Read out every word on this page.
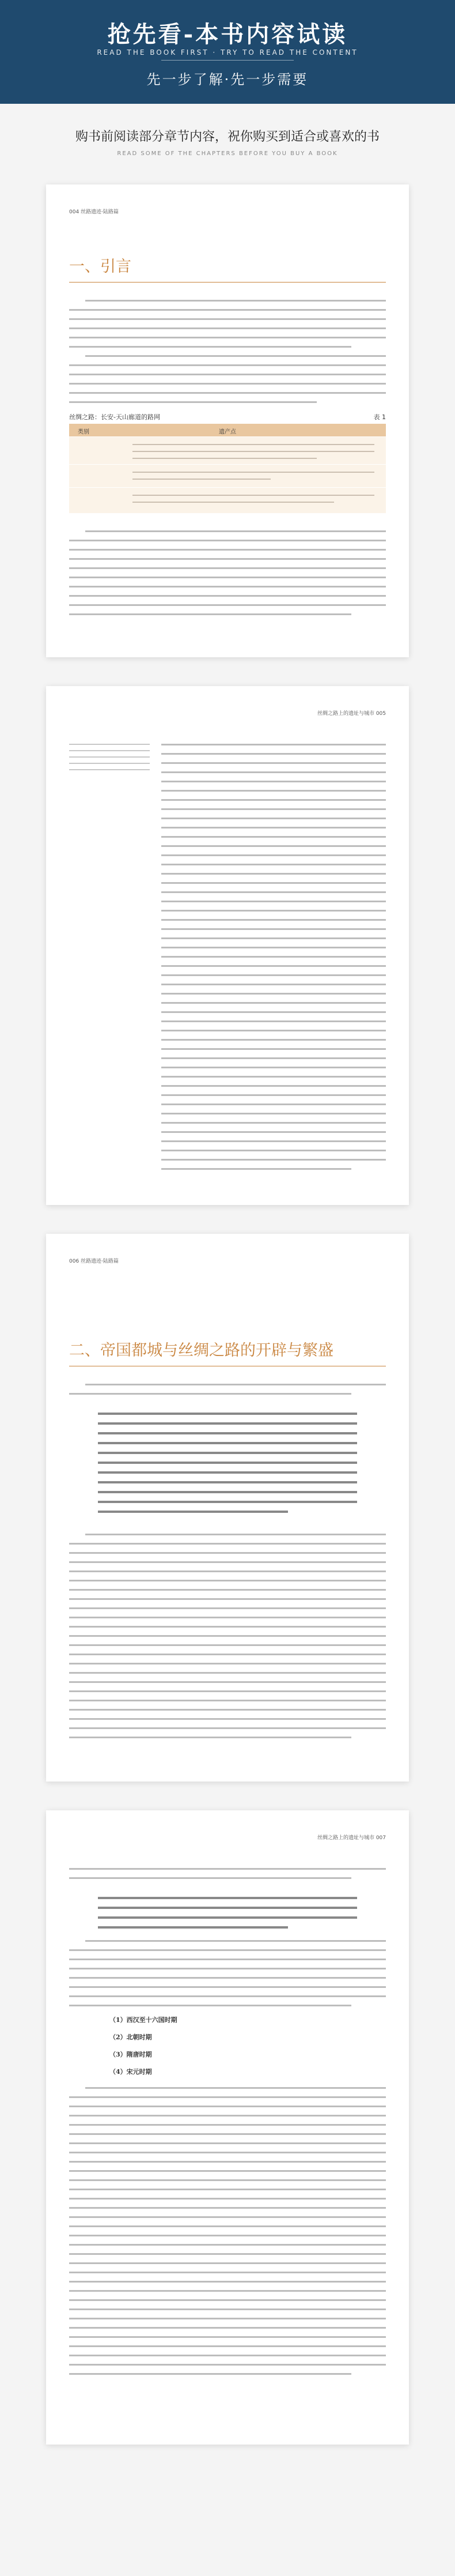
抢先看-本书内容试读
READ THE BOOK FIRST · TRY TO READ THE CONTENT
先一步了解·先一步需要
购书前阅读部分章节内容，祝你购买到适合或喜欢的书
READ SOME OF THE CHAPTERS BEFORE YOU BUY A BOOK
004 丝路遗迹·陆路篇
一、引言
丝绸之路：长安-天山廊道的路网	表 1
类别	遗产点
丝绸之路上的遗址与城市 005
006 丝路遗迹·陆路篇
二、帝国都城与丝绸之路的开辟与繁盛
丝绸之路上的遗址与城市 007
（1）西汉至十六国时期
（2）北朝时期
（3）隋唐时期
（4）宋元时期
